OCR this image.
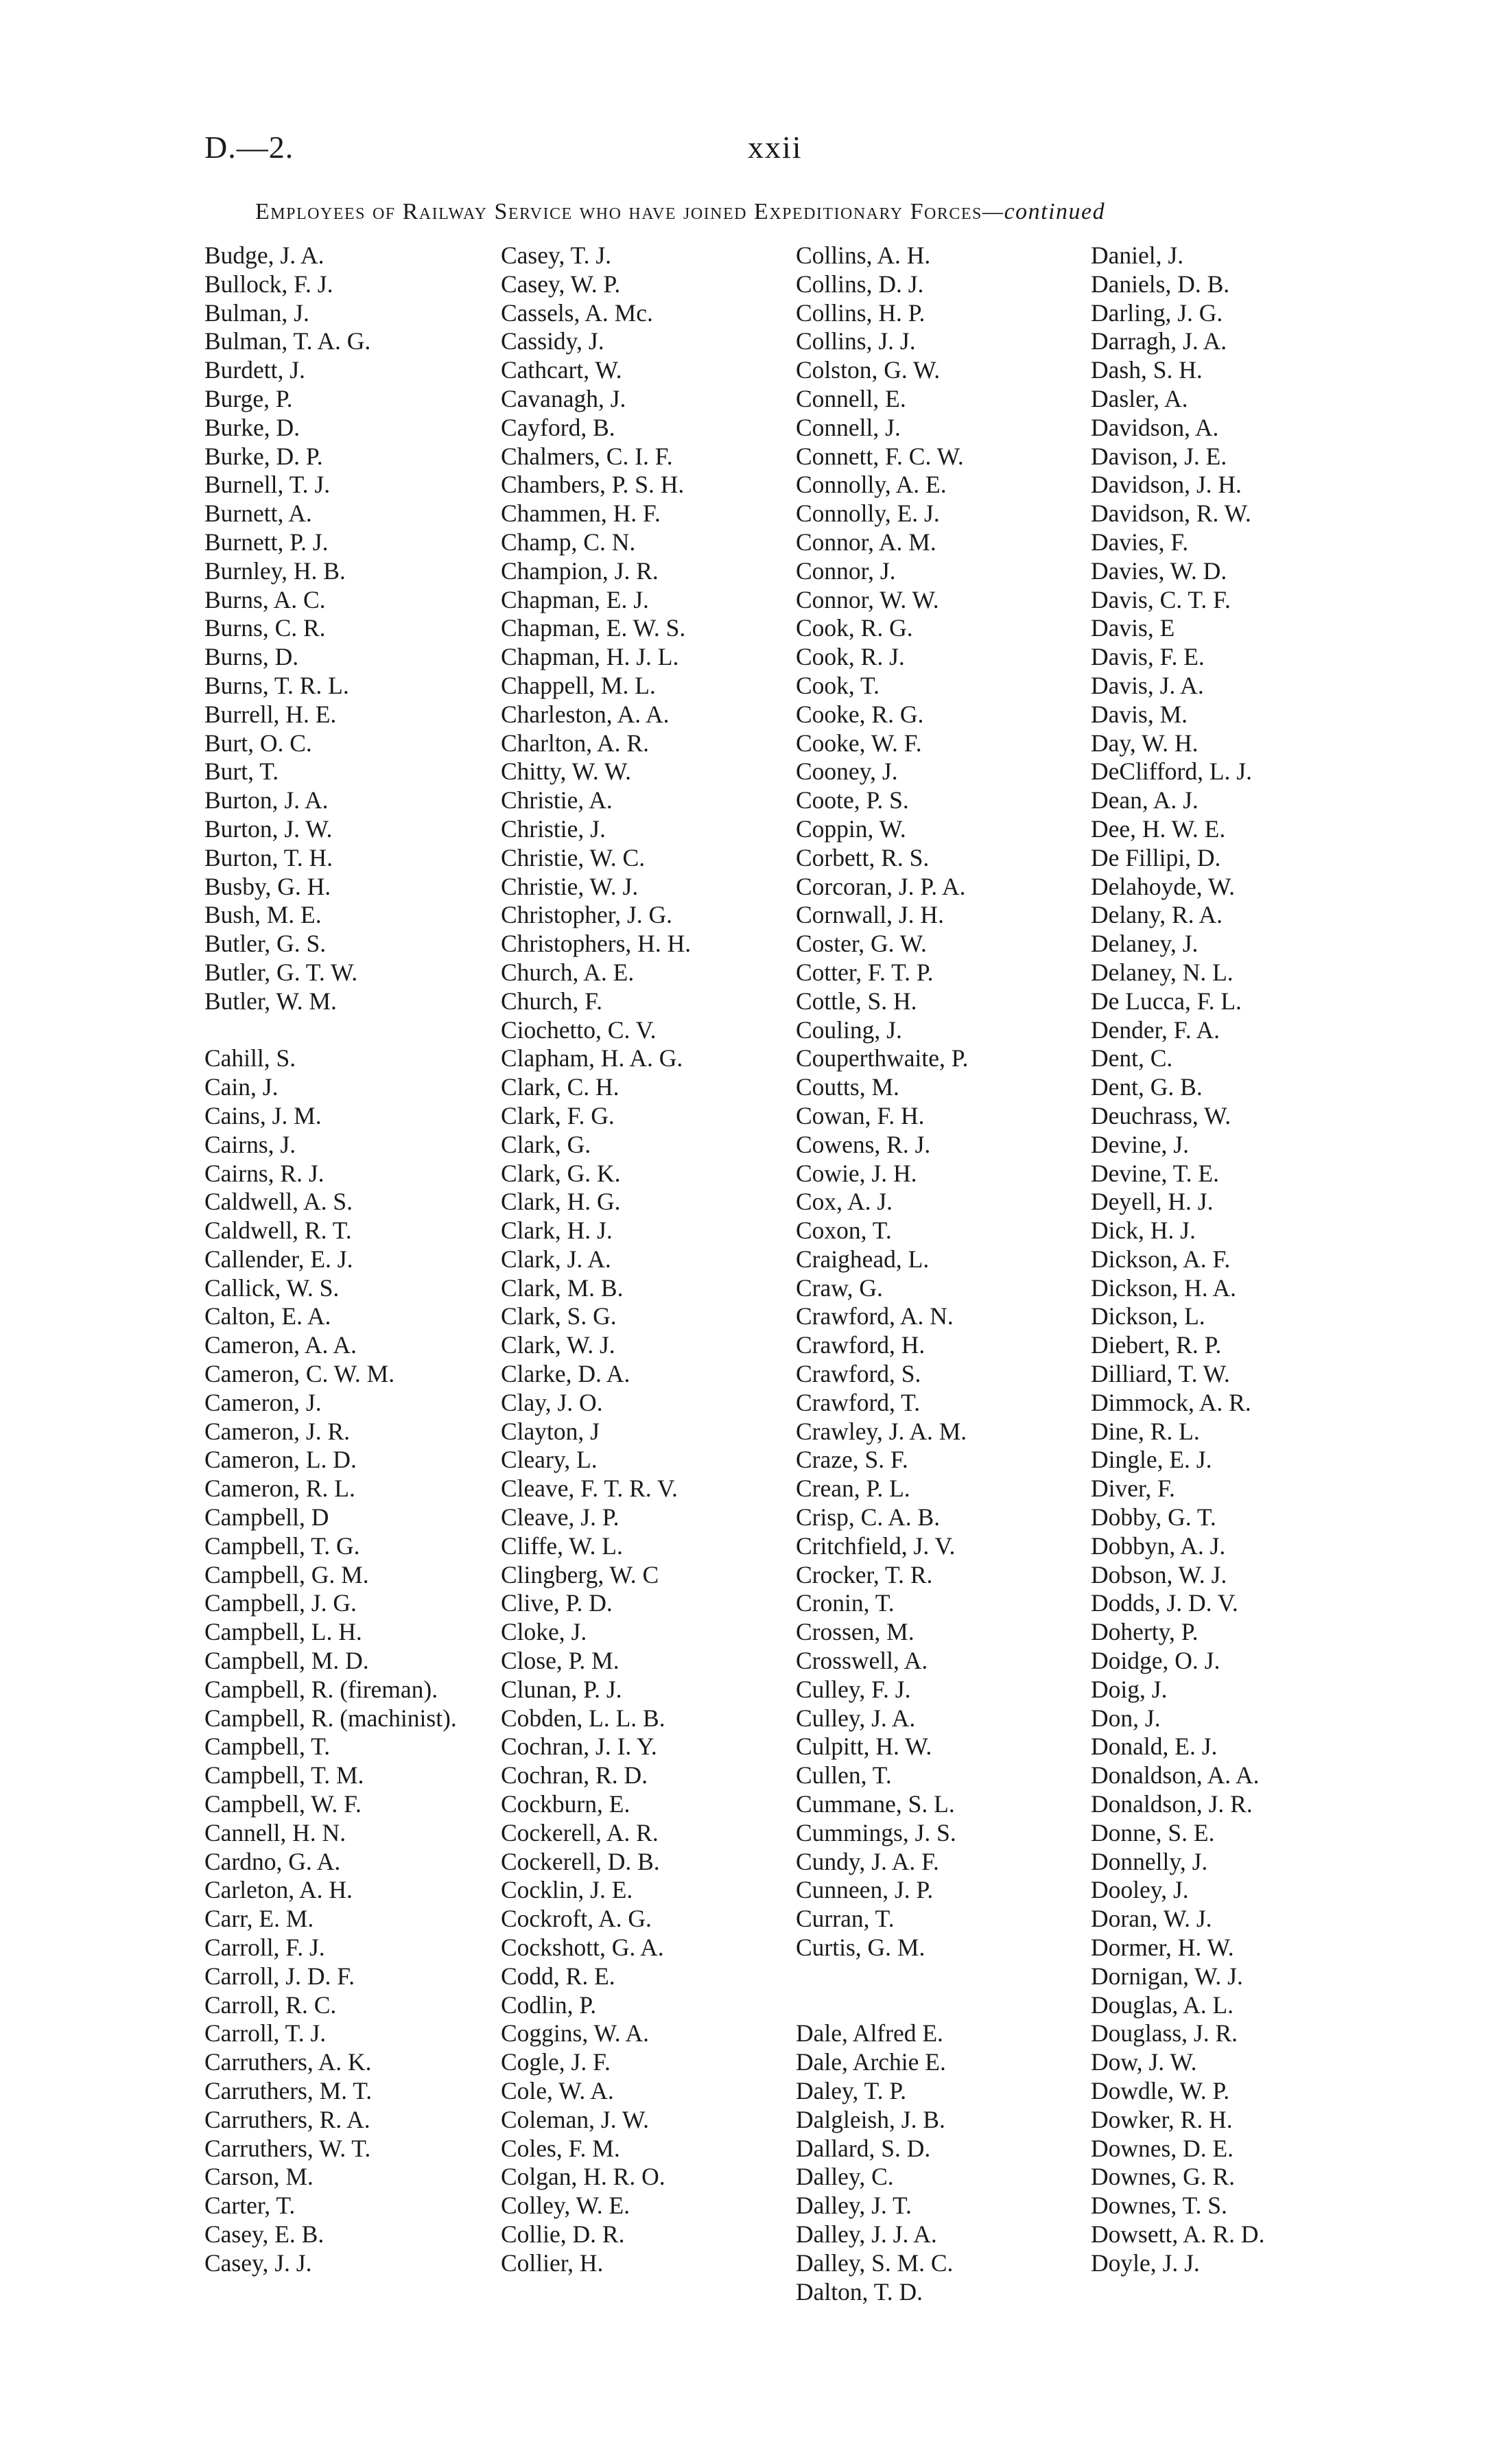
D.—2.	xxii
Employees of Railway Service who have joined Expeditionary Forces—continued
Budge, J. A.
Bullock, F. J.
Bulman, J.
Bulman, T. A. G.
Burdett, J.
Burge, P.
Burke, D.
Burke, D. P.
Burnell, T. J.
Burnett, A.
Burnett, P. J.
Burnley, H. B.
Burns, A. C.
Burns, C. R.
Burns, D.
Burns, T. R. L.
Burrell, H. E.
Burt, O. C.
Burt, T.
Burton, J. A.
Burton, J. W.
Burton, T. H.
Busby, G. H.
Bush, M. E.
Butler, G. S.
Butler, G. T. W.
Butler, W. M.
Cahill, S.
Cain, J.
Cains, J. M.
Cairns, J.
Cairns, R. J.
Caldwell, A. S.
Caldwell, R. T.
Callender, E. J.
Callick, W. S.
Calton, E. A.
Cameron, A. A.
Cameron, C. W. M.
Cameron, J.
Cameron, J. R.
Cameron, L. D.
Cameron, R. L.
Campbell, D
Campbell, T. G.
Campbell, G. M.
Campbell, J. G.
Campbell, L. H.
Campbell, M. D.
Campbell, R. (fireman).
Campbell, R. (machinist).
Campbell, T.
Campbell, T. M.
Campbell, W. F.
Cannell, H. N.
Cardno, G. A.
Carleton, A. H.
Carr, E. M.
Carroll, F. J.
Carroll, J. D. F.
Carroll, R. C.
Carroll, T. J.
Carruthers, A. K.
Carruthers, M. T.
Carruthers, R. A.
Carruthers, W. T.
Carson, M.
Carter, T.
Casey, E. B.
Casey, J. J.
Casey, T. J.
Casey, W. P.
Cassels, A. Mc.
Cassidy, J.
Cathcart, W.
Cavanagh, J.
Cayford, B.
Chalmers, C. I. F.
Chambers, P. S. H.
Chammen, H. F.
Champ, C. N.
Champion, J. R.
Chapman, E. J.
Chapman, E. W. S.
Chapman, H. J. L.
Chappell, M. L.
Charleston, A. A.
Charlton, A. R.
Chitty, W. W.
Christie, A.
Christie, J.
Christie, W. C.
Christie, W. J.
Christopher, J. G.
Christophers, H. H.
Church, A. E.
Church, F.
Ciochetto, C. V.
Clapham, H. A. G.
Clark, C. H.
Clark, F. G.
Clark, G.
Clark, G. K.
Clark, H. G.
Clark, H. J.
Clark, J. A.
Clark, M. B.
Clark, S. G.
Clark, W. J.
Clarke, D. A.
Clay, J. O.
Clayton, J
Cleary, L.
Cleave, F. T. R. V.
Cleave, J. P.
Cliffe, W. L.
Clingberg, W. C
Clive, P. D.
Cloke, J.
Close, P. M.
Clunan, P. J.
Cobden, L. L. B.
Cochran, J. I. Y.
Cochran, R. D.
Cockburn, E.
Cockerell, A. R.
Cockerell, D. B.
Cocklin, J. E.
Cockroft, A. G.
Cockshott, G. A.
Codd, R. E.
Codlin, P.
Coggins, W. A.
Cogle, J. F.
Cole, W. A.
Coleman, J. W.
Coles, F. M.
Colgan, H. R. O.
Colley, W. E.
Collie, D. R.
Collier, H.
Collins, A. H.
Collins, D. J.
Collins, H. P.
Collins, J. J.
Colston, G. W.
Connell, E.
Connell, J.
Connett, F. C. W.
Connolly, A. E.
Connolly, E. J.
Connor, A. M.
Connor, J.
Connor, W. W.
Cook, R. G.
Cook, R. J.
Cook, T.
Cooke, R. G.
Cooke, W. F.
Cooney, J.
Coote, P. S.
Coppin, W.
Corbett, R. S.
Corcoran, J. P. A.
Cornwall, J. H.
Coster, G. W.
Cotter, F. T. P.
Cottle, S. H.
Couling, J.
Couperthwaite, P.
Coutts, M.
Cowan, F. H.
Cowens, R. J.
Cowie, J. H.
Cox, A. J.
Coxon, T.
Craighead, L.
Craw, G.
Crawford, A. N.
Crawford, H.
Crawford, S.
Crawford, T.
Crawley, J. A. M.
Craze, S. F.
Crean, P. L.
Crisp, C. A. B.
Critchfield, J. V.
Crocker, T. R.
Cronin, T.
Crossen, M.
Crosswell, A.
Culley, F. J.
Culley, J. A.
Culpitt, H. W.
Cullen, T.
Cummane, S. L.
Cummings, J. S.
Cundy, J. A. F.
Cunneen, J. P.
Curran, T.
Curtis, G. M.
Dale, Alfred E.
Dale, Archie E.
Daley, T. P.
Dalgleish, J. B.
Dallard, S. D.
Dalley, C.
Dalley, J. T.
Dalley, J. J. A.
Dalley, S. M. C.
Dalton, T. D.
Daniel, J.
Daniels, D. B.
Darling, J. G.
Darragh, J. A.
Dash, S. H.
Dasler, A.
Davidson, A.
Davison, J. E.
Davidson, J. H.
Davidson, R. W.
Davies, F.
Davies, W. D.
Davis, C. T. F.
Davis, E
Davis, F. E.
Davis, J. A.
Davis, M.
Day, W. H.
DeClifford, L. J.
Dean, A. J.
Dee, H. W. E.
De Fillipi, D.
Delahoyde, W.
Delany, R. A.
Delaney, J.
Delaney, N. L.
De Lucca, F. L.
Dender, F. A.
Dent, C.
Dent, G. B.
Deuchrass, W.
Devine, J.
Devine, T. E.
Deyell, H. J.
Dick, H. J.
Dickson, A. F.
Dickson, H. A.
Dickson, L.
Diebert, R. P.
Dilliard, T. W.
Dimmock, A. R.
Dine, R. L.
Dingle, E. J.
Diver, F.
Dobby, G. T.
Dobbyn, A. J.
Dobson, W. J.
Dodds, J. D. V.
Doherty, P.
Doidge, O. J.
Doig, J.
Don, J.
Donald, E. J.
Donaldson, A. A.
Donaldson, J. R.
Donne, S. E.
Donnelly, J.
Dooley, J.
Doran, W. J.
Dormer, H. W.
Dornigan, W. J.
Douglas, A. L.
Douglass, J. R.
Dow, J. W.
Dowdle, W. P.
Dowker, R. H.
Downes, D. E.
Downes, G. R.
Downes, T. S.
Dowsett, A. R. D.
Doyle, J. J.
